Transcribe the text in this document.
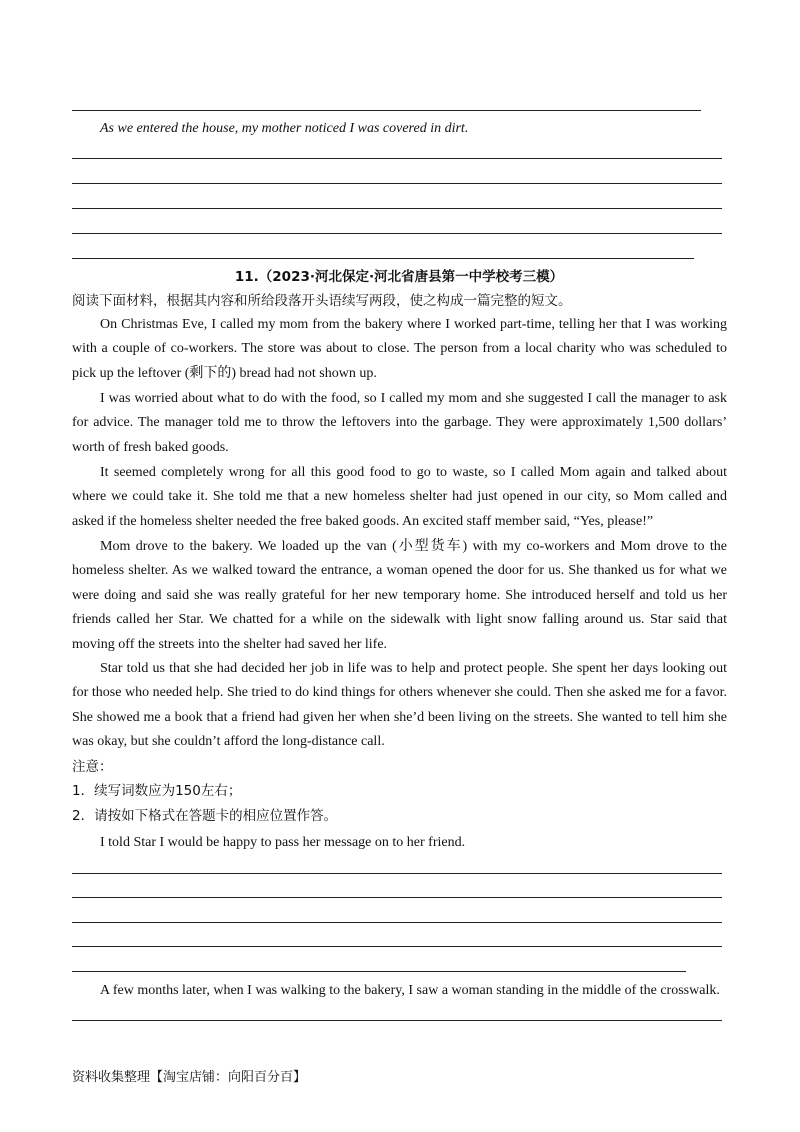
As we entered the house, my mother noticed I was covered in dirt.
11.（2023·河北保定·河北省唐县第一中学校考三模）
阅读下面材料，根据其内容和所给段落开头语续写两段，使之构成一篇完整的短文。
On Christmas Eve, I called my mom from the bakery where I worked part-time, telling her that I was working with a couple of co-workers. The store was about to close. The person from a local charity who was scheduled to pick up the leftover (剩下的) bread had not shown up.
I was worried about what to do with the food, so I called my mom and she suggested I call the manager to ask for advice. The manager told me to throw the leftovers into the garbage. They were approximately 1,500 dollars’ worth of fresh baked goods.
It seemed completely wrong for all this good food to go to waste, so I called Mom again and talked about where we could take it. She told me that a new homeless shelter had just opened in our city, so Mom called and asked if the homeless shelter needed the free baked goods. An excited staff member said, “Yes, please!”
Mom drove to the bakery. We loaded up the van (小型货车) with my co-workers and Mom drove to the homeless shelter. As we walked toward the entrance, a woman opened the door for us. She thanked us for what we were doing and said she was really grateful for her new temporary home. She introduced herself and told us her friends called her Star. We chatted for a while on the sidewalk with light snow falling around us. Star said that moving off the streets into the shelter had saved her life.
Star told us that she had decided her job in life was to help and protect people. She spent her days looking out for those who needed help. She tried to do kind things for others whenever she could. Then she asked me for a favor. She showed me a book that a friend had given her when she’d been living on the streets. She wanted to tell him she was okay, but she couldn’t afford the long-distance call.
注意：
1．续写词数应为150左右；
2．请按如下格式在答题卡的相应位置作答。
I told Star I would be happy to pass her message on to her friend.
A few months later, when I was walking to the bakery, I saw a woman standing in the middle of the crosswalk.
资料收集整理【淘宝店铺：向阳百分百】
